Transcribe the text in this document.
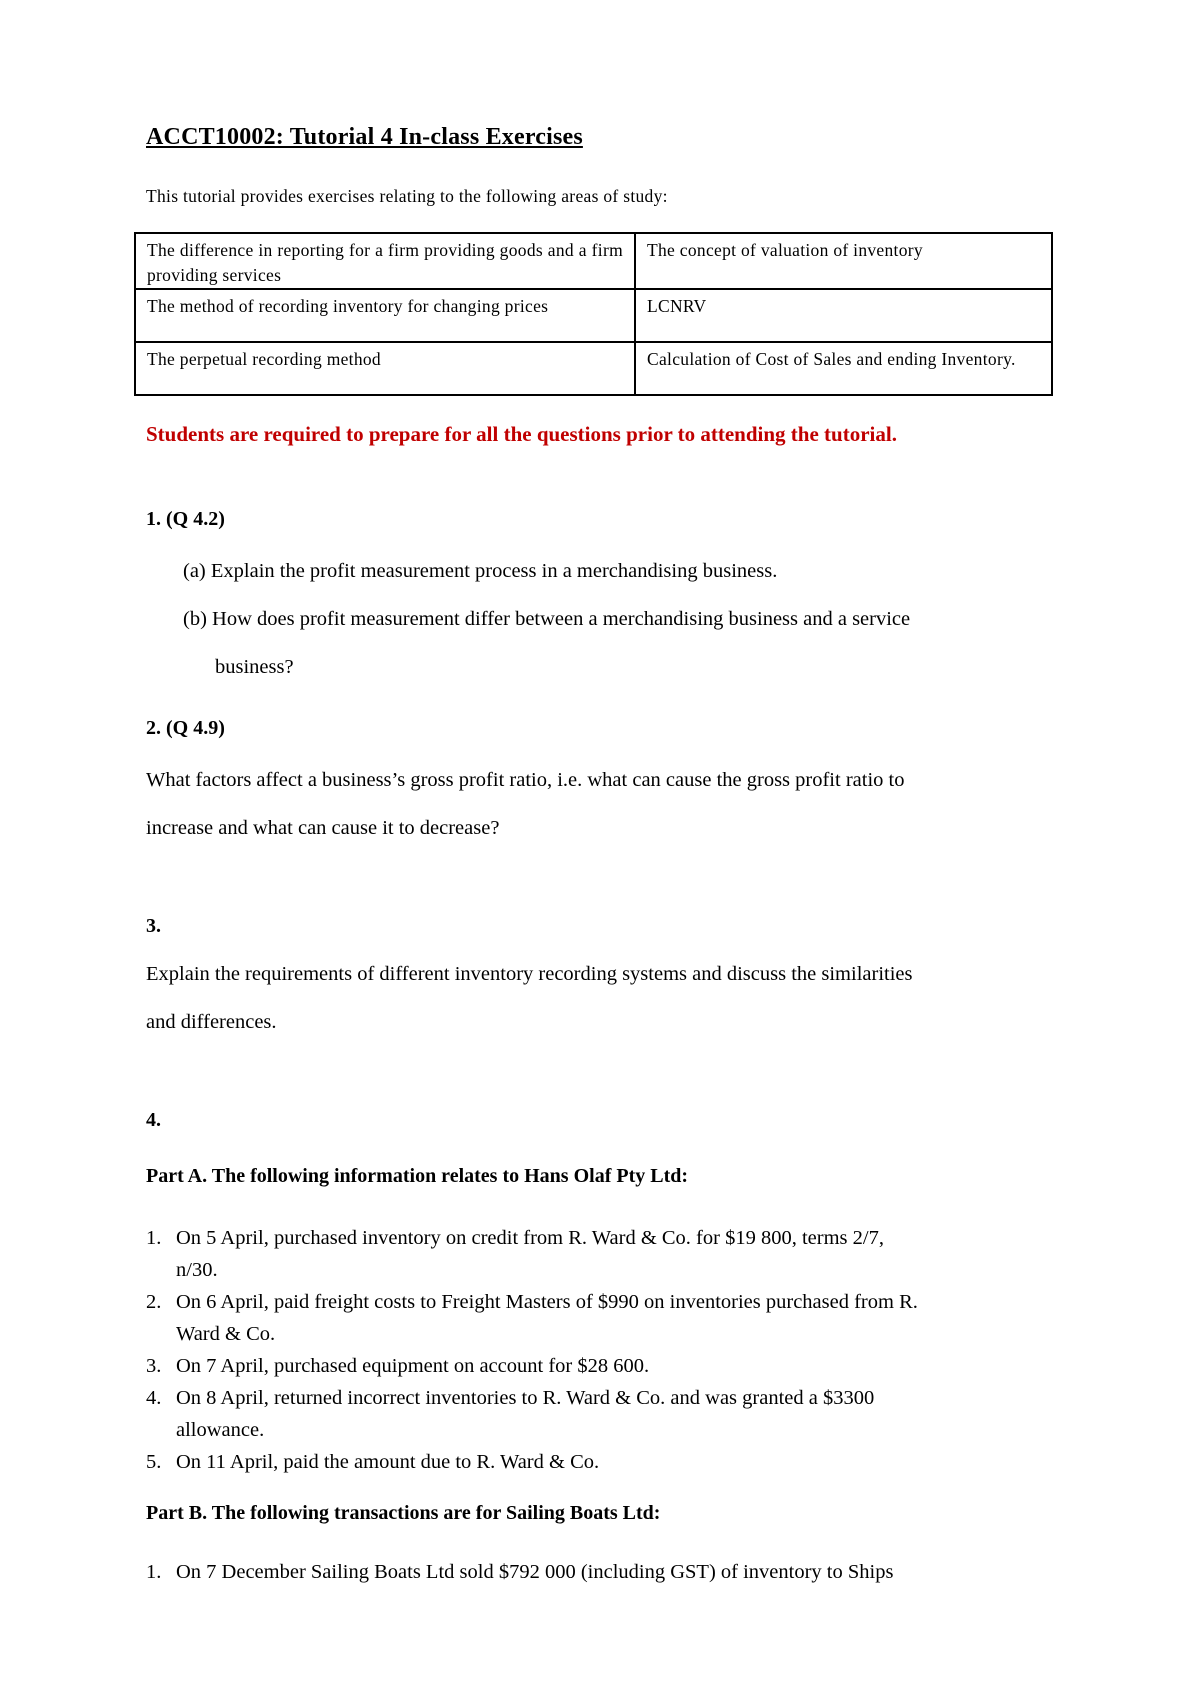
ACCT10002: Tutorial 4 In-class Exercises
This tutorial provides exercises relating to the following areas of study:
The difference in reporting for a firm providing goods and a firm providing services	The concept of valuation of inventory
The method of recording inventory for changing prices	LCNRV
The perpetual recording method	Calculation of Cost of Sales and ending Inventory.
Students are required to prepare for all the questions prior to attending the tutorial.
1. (Q 4.2)
(a) Explain the profit measurement process in a merchandising business.
(b) How does profit measurement differ between a merchandising business and a service
business?
2. (Q 4.9)
What factors affect a business’s gross profit ratio, i.e. what can cause the gross profit ratio to
increase and what can cause it to decrease?
3.
Explain the requirements of different inventory recording systems and discuss the similarities
and differences.
4.
Part A. The following information relates to Hans Olaf Pty Ltd:
1. On 5 April, purchased inventory on credit from R. Ward & Co. for $19 800, terms 2/7,
n/30.
2. On 6 April, paid freight costs to Freight Masters of $990 on inventories purchased from R.
Ward & Co.
3. On 7 April, purchased equipment on account for $28 600.
4. On 8 April, returned incorrect inventories to R. Ward & Co. and was granted a $3300
allowance.
5. On 11 April, paid the amount due to R. Ward & Co.
Part B. The following transactions are for Sailing Boats Ltd:
1. On 7 December Sailing Boats Ltd sold $792 000 (including GST) of inventory to Ships
